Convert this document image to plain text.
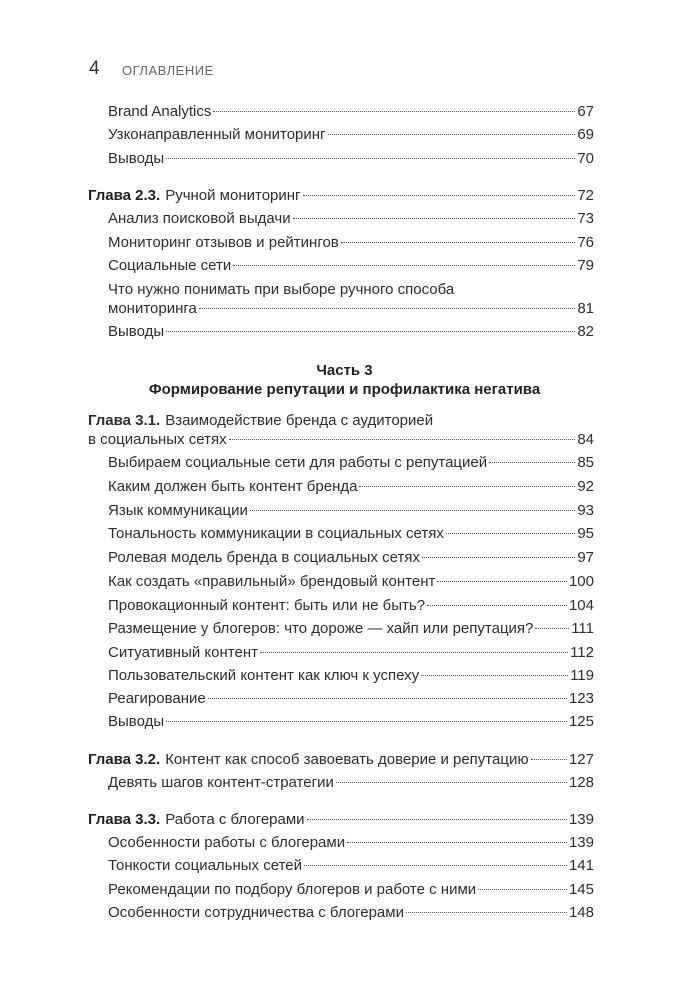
4 ОГЛАВЛЕНИЕ
Brand Analytics	67
Узконаправленный мониторинг	69
Выводы	70
Глава 2.3. Ручной мониторинг	72
Анализ поисковой выдачи	73
Мониторинг отзывов и рейтингов	76
Социальные сети	79
Что нужно понимать при выборе ручного способа
мониторинга	81
Выводы	82
Часть 3
Формирование репутации и профилактика негатива
Глава 3.1. Взаимодействие бренда с аудиторией
в социальных сетях	84
Выбираем социальные сети для работы с репутацией	85
Каким должен быть контент бренда	92
Язык коммуникации	93
Тональность коммуникации в социальных сетях	95
Ролевая модель бренда в социальных сетях	97
Как создать «правильный» брендовый контент	100
Провокационный контент: быть или не быть?	104
Размещение у блогеров: что дороже — хайп или репутация?	111
Ситуативный контент	112
Пользовательский контент как ключ к успеху	119
Реагирование	123
Выводы	125
Глава 3.2. Контент как способ завоевать доверие и репутацию	127
Девять шагов контент-стратегии	128
Глава 3.3. Работа с блогерами	139
Особенности работы с блогерами	139
Тонкости социальных сетей	141
Рекомендации по подбору блогеров и работе с ними	145
Особенности сотрудничества с блогерами	148
